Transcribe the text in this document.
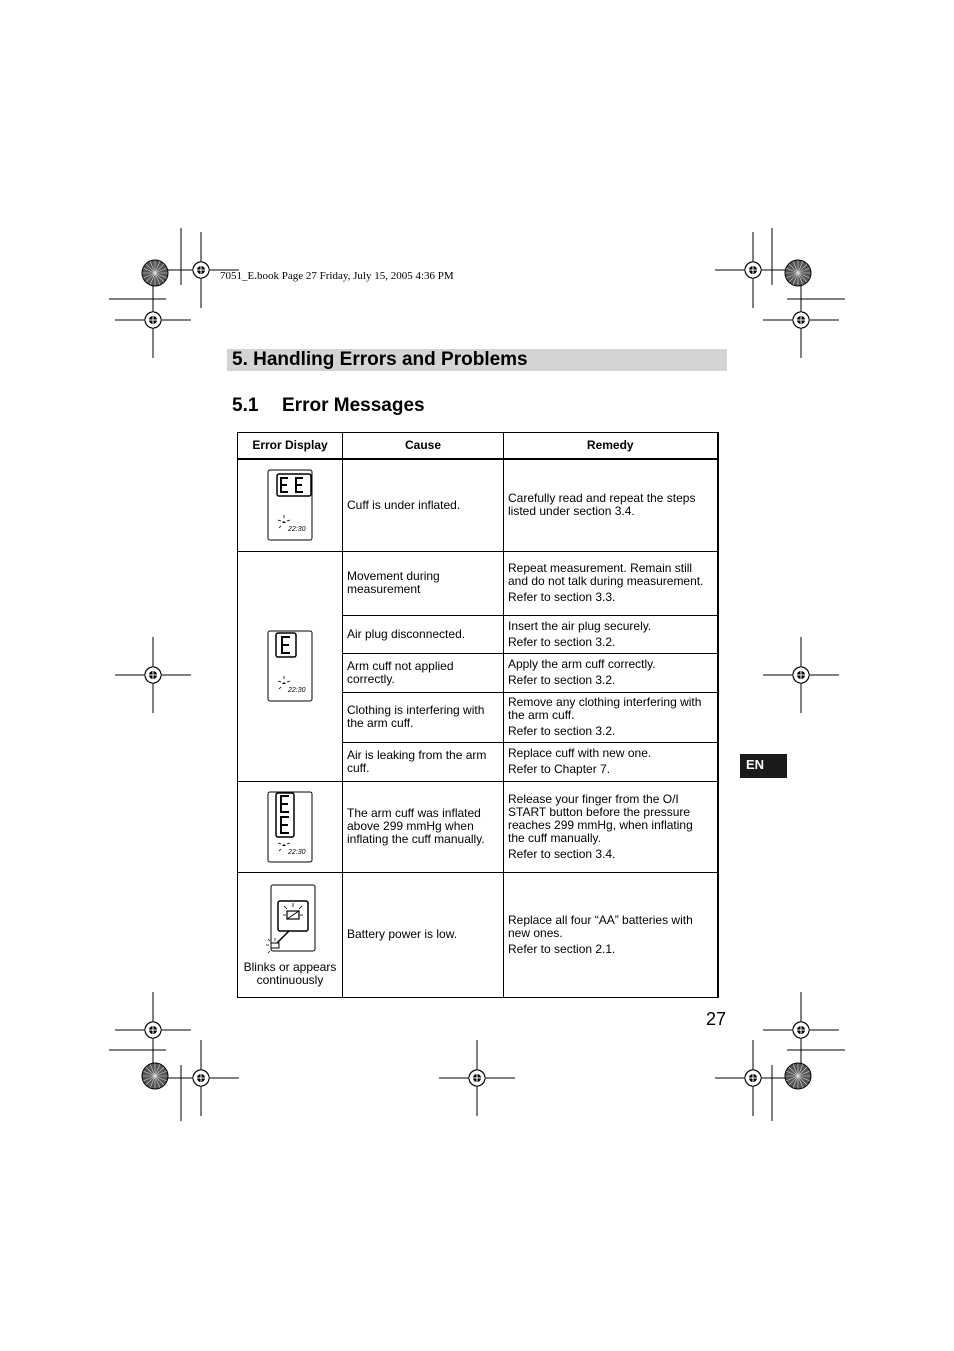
7051_E.book Page 27 Friday, July 15, 2005 4:36 PM
5. Handling Errors and Problems
5.1 Error Messages
Error Display	Cause	Remedy

22:30	Cuff is under inflated.	Carefully read and repeat the steps listed under section 3.4.

22:30	Movement during measurement	Repeat measurement. Remain still and do not talk during measurement.
Refer to section 3.3.

	Air plug disconnected.	Insert the air plug securely.
Refer to section 3.2.

	Arm cuff not applied correctly.	Apply the arm cuff correctly.
Refer to section 3.2.

	Clothing is interfering with the arm cuff.	Remove any clothing interfering with the arm cuff.
Refer to section 3.2.

	Air is leaking from the arm cuff.	Replace cuff with new one.
Refer to Chapter 7.

22:30	The arm cuff was inflated above 299 mmHg when inflating the cuff manually.	Release your finger from the O/I START button before the pressure reaches 299 mmHg, when inflating the cuff manually.
Refer to section 3.4.

Blinks or appears continuously	Battery power is low.	Replace all four “AA” batteries with new ones.
Refer to section 2.1.
EN
27
